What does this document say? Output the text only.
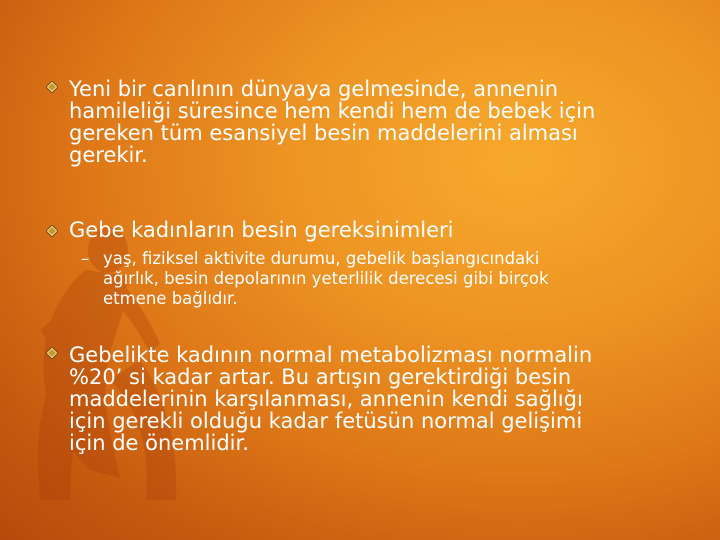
Yeni bir canlının dünyaya gelmesinde, annenin
hamileliği süresince hem kendi hem de bebek için
gereken tüm esansiyel besin maddelerini alması
gerekir.
Gebe kadınların besin gereksinimleri
– yaş, fiziksel aktivite durumu, gebelik başlangıcındaki
ağırlık, besin depolarının yeterlilik derecesi gibi birçok
etmene bağlıdır.
Gebelikte kadının normal metabolizması normalin
%20’ si kadar artar. Bu artışın gerektirdiği besin
maddelerinin karşılanması, annenin kendi sağlığı
için gerekli olduğu kadar fetüsün normal gelişimi
için de önemlidir.
